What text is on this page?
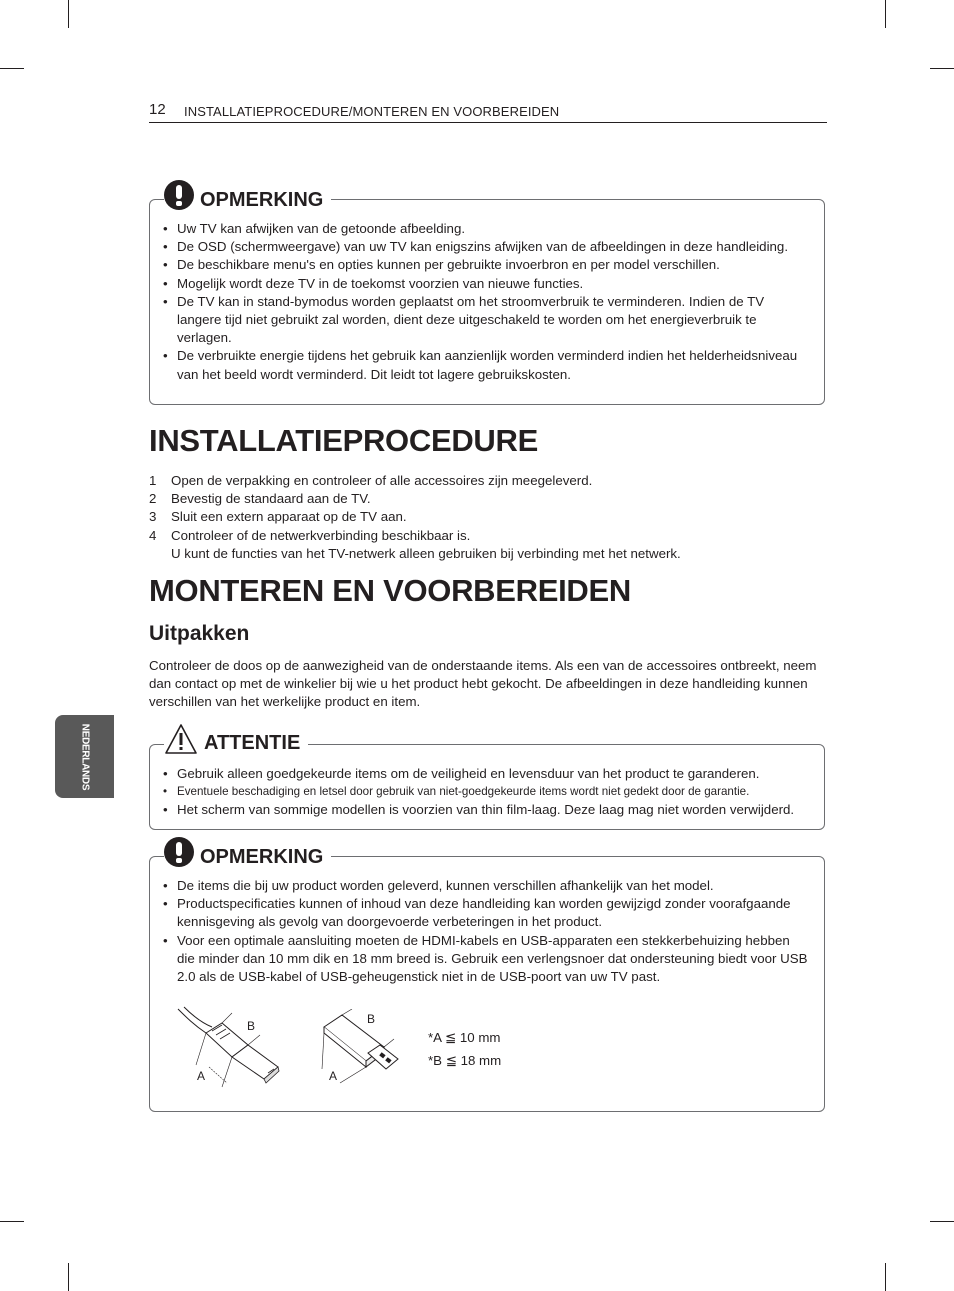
12 INSTALLATIEPROCEDURE/MONTEREN EN VOORBEREIDEN
NEDERLANDS
OPMERKING
• Uw TV kan afwijken van de getoonde afbeelding.
• De OSD (schermweergave) van uw TV kan enigszins afwijken van de afbeeldingen in deze handleiding.
• De beschikbare menu's en opties kunnen per gebruikte invoerbron en per model verschillen.
• Mogelijk wordt deze TV in de toekomst voorzien van nieuwe functies.
• De TV kan in stand-bymodus worden geplaatst om het stroomverbruik te verminderen. Indien de TV langere tijd niet gebruikt zal worden, dient deze uitgeschakeld te worden om het energieverbruik te verlagen.
• De verbruikte energie tijdens het gebruik kan aanzienlijk worden verminderd indien het helderheidsniveau van het beeld wordt verminderd. Dit leidt tot lagere gebruikskosten.
INSTALLATIEPROCEDURE
1 Open de verpakking en controleer of alle accessoires zijn meegeleverd.
2 Bevestig de standaard aan de TV.
3 Sluit een extern apparaat op de TV aan.
4 Controleer of de netwerkverbinding beschikbaar is.
U kunt de functies van het TV-netwerk alleen gebruiken bij verbinding met het netwerk.
MONTEREN EN VOORBEREIDEN
Uitpakken

Controleer de doos op de aanwezigheid van de onderstaande items. Als een van de accessoires ontbreekt, neem dan contact op met de winkelier bij wie u het product hebt gekocht. De afbeeldingen in deze handleiding kunnen verschillen van het werkelijke product en item.

ATTENTIE
• Gebruik alleen goedgekeurde items om de veiligheid en levensduur van het product te garanderen.
• Eventuele beschadiging en letsel door gebruik van niet-goedgekeurde items wordt niet gedekt door de garantie.
• Het scherm van sommige modellen is voorzien van thin film-laag. Deze laag mag niet worden verwijderd.
OPMERKING
• De items die bij uw product worden geleverd, kunnen verschillen afhankelijk van het model.
• Productspecificaties kunnen of inhoud van deze handleiding kan worden gewijzigd zonder voorafgaande kennisgeving als gevolg van doorgevoerde verbeteringen in het product.
• Voor een optimale aansluiting moeten de HDMI-kabels en USB-apparaten een stekkerbehuizing hebben die minder dan 10 mm dik en 18 mm breed is. Gebruik een verlengsnoer dat ondersteuning biedt voor USB 2.0 als de USB-kabel of USB-geheugenstick niet in de USB-poort van uw TV past.
B
A
B
A
*A ≦ 10 mm
*B ≦ 18 mm
